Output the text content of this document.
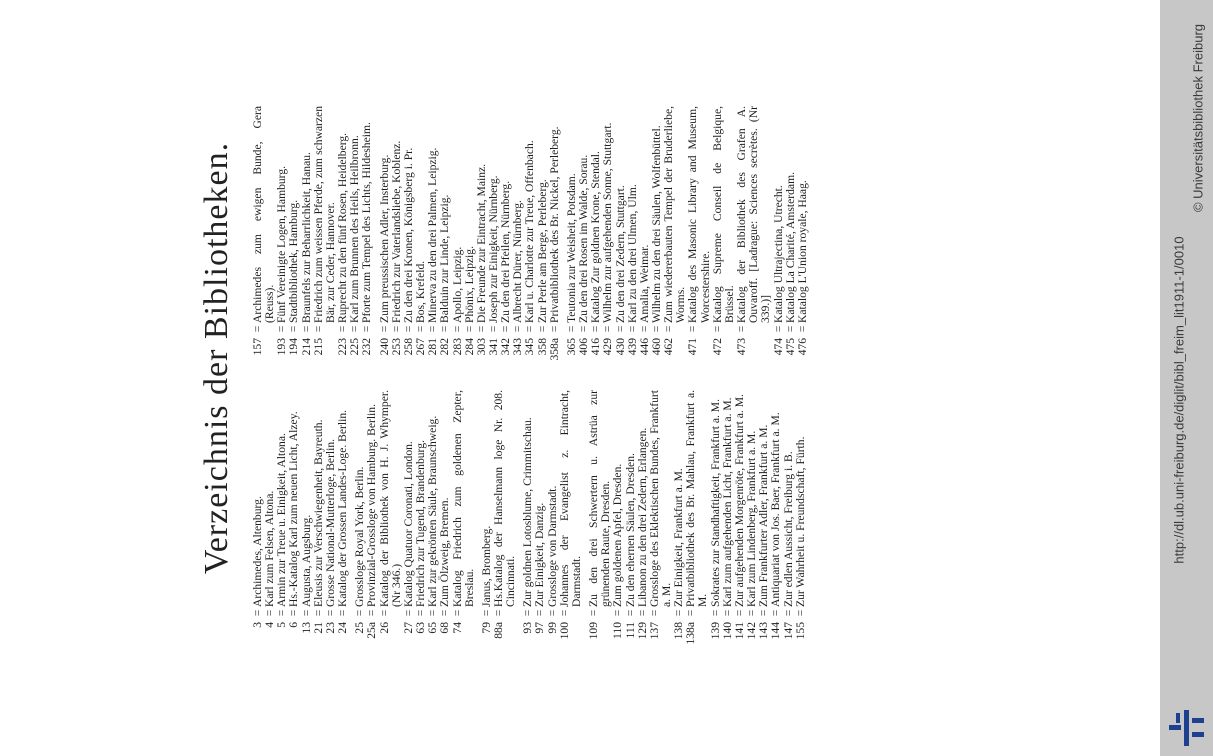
Verzeichnis der Bibliotheken.
3
=
Archimedes, Altenburg.
4
=
Karl zum Felsen, Altona.
5
=
Armin zur Treue u. Einigkeit, Altona.
6
=
Hs.-Katalog Karl zum neuen Licht, Alzey.
13
=
Augusta, Augsburg.
21
=
Eleusis zur Verschwiegenheit, Bayreuth.
23
=
Grosse National-Mutterloge, Berlin.
24
=
Katalog der Grossen Landes-Loge. Berlin.
25
=
Grossloge Royal York, Berlin.
25a
=
Provinzial-Grossloge von Hamburg. Berlin.
26
=
Katalog der Bibliothek von H. J. Whymper. (Nr 346.)
27
=
Katalog Quatuor Coronati, London.
63
=
Friedrich zur Tugend, Brandenburg.
65
=
Karl zur gekrönten Säule, Braunschweig.
68
=
Zum Ölzweig, Bremen.
74
=
Katalog Friedrich zum goldenen Zepter, Breslau.
79
=
Janus, Bromberg.
88a
=
Hs.Katalog der Hanselmann loge Nr. 208. Cincinnati.
93
=
Zur goldnen Lotosblume, Crimmitschau.
97
=
Zur Einigkeit, Danzig.
99
=
Grossloge von Darmstadt.
100
=
Johannes der Evangelist z. Eintracht, Darmstadt.
109
=
Zu den drei Schwertern u. Astrüa zur grünenden Raute, Dresden.
110
=
Zum goldenen Apfel, Dresden.
111
=
Zu den ehernen Säulen, Dresden.
129
=
Libanon zu den drei Zedern, Erlangen.
137
=
Grossloge des Eklektischen Bundes, Frankfurt a. M.
138
=
Zur Einigkeit, Frankfurt a. M.
138a
=
Privatbibliothek des Br. Mahlau, Frankfurt a. M.
139
=
Sokrates zur Standhaftigkeit, Frankfurt a. M.
140
=
Karl zum aufgehenden Licht, Frankfurt a. M.
141
=
Zur aufgehenden Morgenröte, Frankfurt a. M.
142
=
Karl zum Lindenberg, Frankfurt a. M.
143
=
Zum Frankfurter Adler, Frankfurt a. M.
144
=
Antiquariat von Jos. Baer, Frankfurt a. M.
147
=
Zur edlen Aussicht, Freiburg i. B.
155
=
Zur Wahrheit u. Freundschaft, Fürth.
157
=
Archimedes zum ewigen Bunde, Gera (Reuss).
193
=
Fünf Vereinigte Logen, Hamburg.
194
=
Stadtbibliothek, Hamburg.
214
=
Braunfels zur Beharrlichkeit, Hanau.
215
=
Friedrich zum weissen Pferde, zum schwarzen Bär, zur Ceder, Hannover.
223
=
Ruprecht zu den fünf Rosen, Heidelberg.
225
=
Karl zum Brunnen des Heils, Heilbronn.
232
=
Pforte zum Tempel des Lichts, Hildesheim.
240
=
Zum preussischen Adler, Insterburg.
253
=
Friedrich zur Vaterlandsliebe, Koblenz.
258
=
Zu den drei Kronen, Königsberg i. Pr.
267
=
Bos, Krefeld.
281
=
Minerva zu den drei Palmen, Leipzig.
282
=
Balduin zur Linde, Leipzig.
283
=
Apollo, Leipzig.
284
=
Phönix, Leipzig.
303
=
Die Freunde zur Eintracht, Mainz.
341
=
Joseph zur Einigkeit, Nürnberg.
342
=
Zu den drei Pfeilen, Nürnberg.
343
=
Albrecht Dürer, Nürnberg.
345
=
Karl u. Charlotte zur Treue, Offenbach.
358
=
Zur Perle am Berge, Perleberg.
358a
=
Privatbibliothek des Br. Nickel, Perleberg.
365
=
Teutonia zur Weisheit, Potsdam.
406
=
Zu den drei Rosen im Walde, Sorau.
416
=
Katalog Zur goldnen Krone, Stendal.
429
=
Wilhelm zur aufgehenden Sonne, Stuttgart.
430
=
Zu den drei Zedern, Stuttgart.
439
=
Karl zu den drei Ulmen, Ulm.
446
=
Amalia, Weimar.
460
=
Wilhelm zu den drei Säulen, Wolfenbüttel.
462
=
Zum wiedererbauten Tempel der Bruderliebe, Worms.
471
=
Katalog des Masonic Library and Museum, Worcestershire.
472
=
Katalog Supreme Conseil de Belgique, Brüssel.
473
=
Katalog der Bibliothek des Grafen A. Ouvaroff. [Ladrague: Sciences secrètes. (Nr 339.)]
474
=
Katalog Ultrajectina, Utrecht.
475
=
Katalog La Charité, Amsterdam.
476
=
Katalog L'Union royale, Haag.	http://dl.ub.uni-freiburg.de/diglit/bibl_freim_lit1911-1/0010
© Universitätsbibliothek Freiburg
